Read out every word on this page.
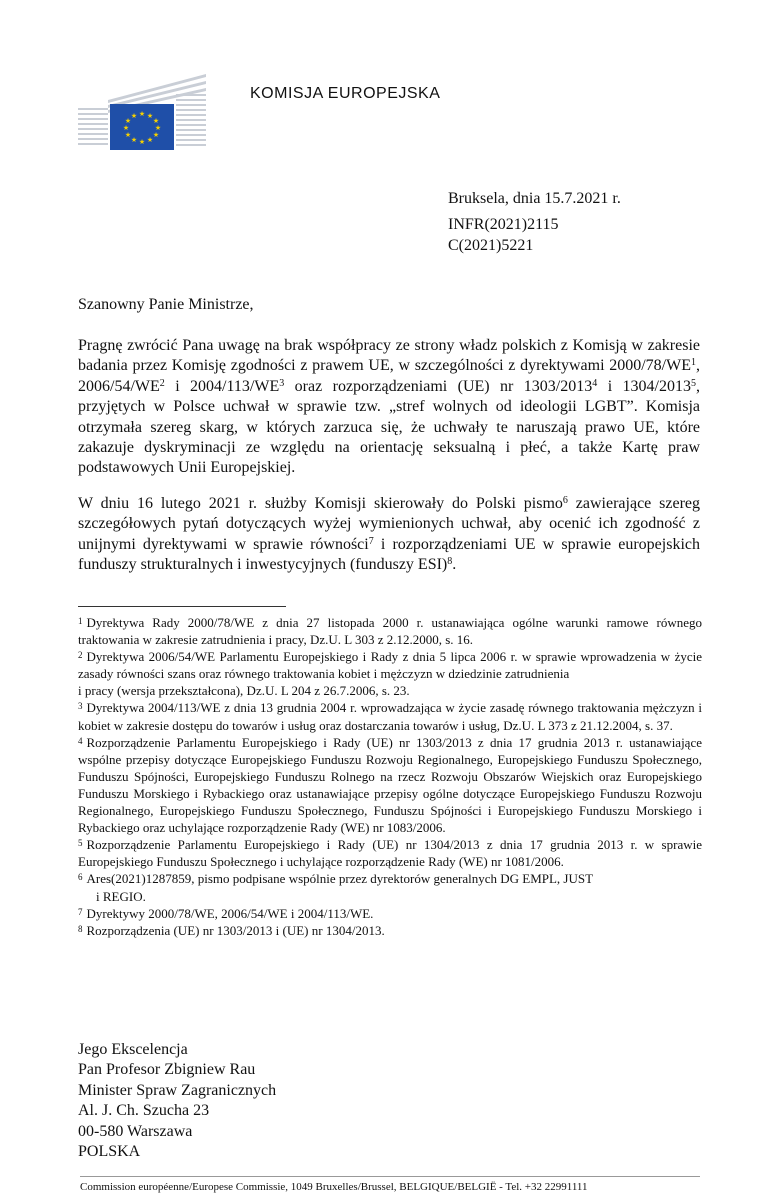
★ ★
★
★
★
★
★
★
★
★
★
★
KOMISJA EUROPEJSKA
Bruksela, dnia 15.7.2021 r.
INFR(2021)2115
C(2021)5221
Szanowny Panie Ministrze,
Pragnę zwrócić Pana uwagę na brak współpracy ze strony władz polskich z Komisją w zakresie badania przez Komisję zgodności z prawem UE, w szczególności z dyrektywami $2000/78/WE^1$, $2006/54/WE^2$ i $2004/113/WE^3$ oraz rozporządzeniami (UE) nr 1303/2013$^4$ i 1304/2013$^5$, przyjętych w Polsce uchwał w sprawie tzw. „stref wolnych od ideologii LGBT”. Komisja otrzymała szereg skarg, w których zarzuca się, że uchwały te naruszają prawo UE, które zakazuje dyskryminacji ze względu na orientację seksualną i płeć, a także Kartę praw podstawowych Unii Europejskiej.
W dniu 16 lutego 2021 r. służby Komisji skierowały do Polski pismo$^6$ zawierające szereg szczegółowych pytań dotyczących wyżej wymienionych uchwał, aby ocenić ich zgodność z unijnymi dyrektywami w sprawie równości$^7$ i rozporządzeniami UE w sprawie europejskich funduszy strukturalnych i inwestycyjnych (funduszy ESI)$^8$.

$^1$ Dyrektywa Rady 2000/78/WE z dnia 27 listopada 2000 r. ustanawiająca ogólne warunki ramowe równego traktowania w zakresie zatrudnienia i pracy, Dz.U. L 303 z 2.12.2000, s. 16.

$^2$ Dyrektywa 2006/54/WE Parlamentu Europejskiego i Rady z dnia 5 lipca 2006 r. w sprawie wprowadzenia w życie zasady równości szans oraz równego traktowania kobiet i mężczyzn w dziedzinie zatrudnienia

i pracy (wersja przekształcona), Dz.U. L 204 z 26.7.2006, s. 23.

$^3$ Dyrektywa 2004/113/WE z dnia 13 grudnia 2004 r. wprowadzająca w życie zasadę równego traktowania mężczyzn i kobiet w zakresie dostępu do towarów i usług oraz dostarczania towarów i usług, Dz.U. L 373 z 21.12.2004, s. 37.

$^4$ Rozporządzenie Parlamentu Europejskiego i Rady (UE) nr 1303/2013 z dnia 17 grudnia 2013 r. ustanawiające wspólne przepisy dotyczące Europejskiego Funduszu Rozwoju Regionalnego, Europejskiego Funduszu Społecznego, Funduszu Spójności, Europejskiego Funduszu Rolnego na rzecz Rozwoju Obszarów Wiejskich oraz Europejskiego Funduszu Morskiego i Rybackiego oraz ustanawiające przepisy ogólne dotyczące Europejskiego Funduszu Rozwoju Regionalnego, Europejskiego Funduszu Społecznego, Funduszu Spójności i Europejskiego Funduszu Morskiego i Rybackiego oraz uchylające rozporządzenie Rady (WE) nr 1083/2006.

$^5$ Rozporządzenie Parlamentu Europejskiego i Rady (UE) nr 1304/2013 z dnia 17 grudnia 2013 r. w sprawie Europejskiego Funduszu Społecznego i uchylające rozporządzenie Rady (WE) nr 1081/2006.

$^6$ Ares(2021)1287859, pismo podpisane wspólnie przez dyrektorów generalnych DG EMPL, JUST

i REGIO.

$^7$ Dyrektywy 2000/78/WE, 2006/54/WE i 2004/113/WE.

$^8$ Rozporządzenia (UE) nr 1303/2013 i (UE) nr 1304/2013.

Jego Ekscelencja
Pan Profesor Zbigniew Rau
Minister Spraw Zagranicznych
Al. J. Ch. Szucha 23
00-580 Warszawa
POLSKA
Commission européenne/Europese Commissie, 1049 Bruxelles/Brussel, BELGIQUE/BELGIË - Tel. +32 22991111
